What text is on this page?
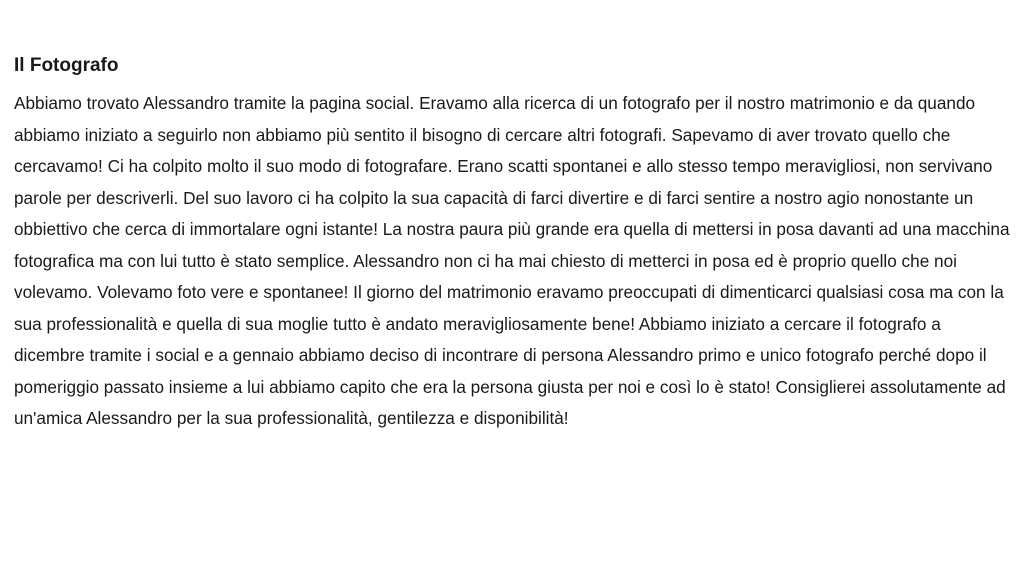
Il Fotografo

Abbiamo trovato Alessandro tramite la pagina social. Eravamo alla ricerca di un fotografo per il nostro matrimonio e da quando abbiamo iniziato a seguirlo non abbiamo più sentito il bisogno di cercare altri fotografi. Sapevamo di aver trovato quello che cercavamo! Ci ha colpito molto il suo modo di fotografare. Erano scatti spontanei e allo stesso tempo meravigliosi, non servivano parole per descriverli. Del suo lavoro ci ha colpito la sua capacità di farci divertire e di farci sentire a nostro agio nonostante un obbiettivo che cerca di immortalare ogni istante! La nostra paura più grande era quella di mettersi in posa davanti ad una macchina fotografica ma con lui tutto è stato semplice. Alessandro non ci ha mai chiesto di metterci in posa ed è proprio quello che noi volevamo. Volevamo foto vere e spontanee! Il giorno del matrimonio eravamo preoccupati di dimenticarci qualsiasi cosa ma con la sua professionalità e quella di sua moglie tutto è andato meravigliosamente bene! Abbiamo iniziato a cercare il fotografo a dicembre tramite i social e a gennaio abbiamo deciso di incontrare di persona Alessandro primo e unico fotografo perché dopo il pomeriggio passato insieme a lui abbiamo capito che era la persona giusta per noi e così lo è stato! Consiglierei assolutamente ad un'amica Alessandro per la sua professionalità, gentilezza e disponibilità!
